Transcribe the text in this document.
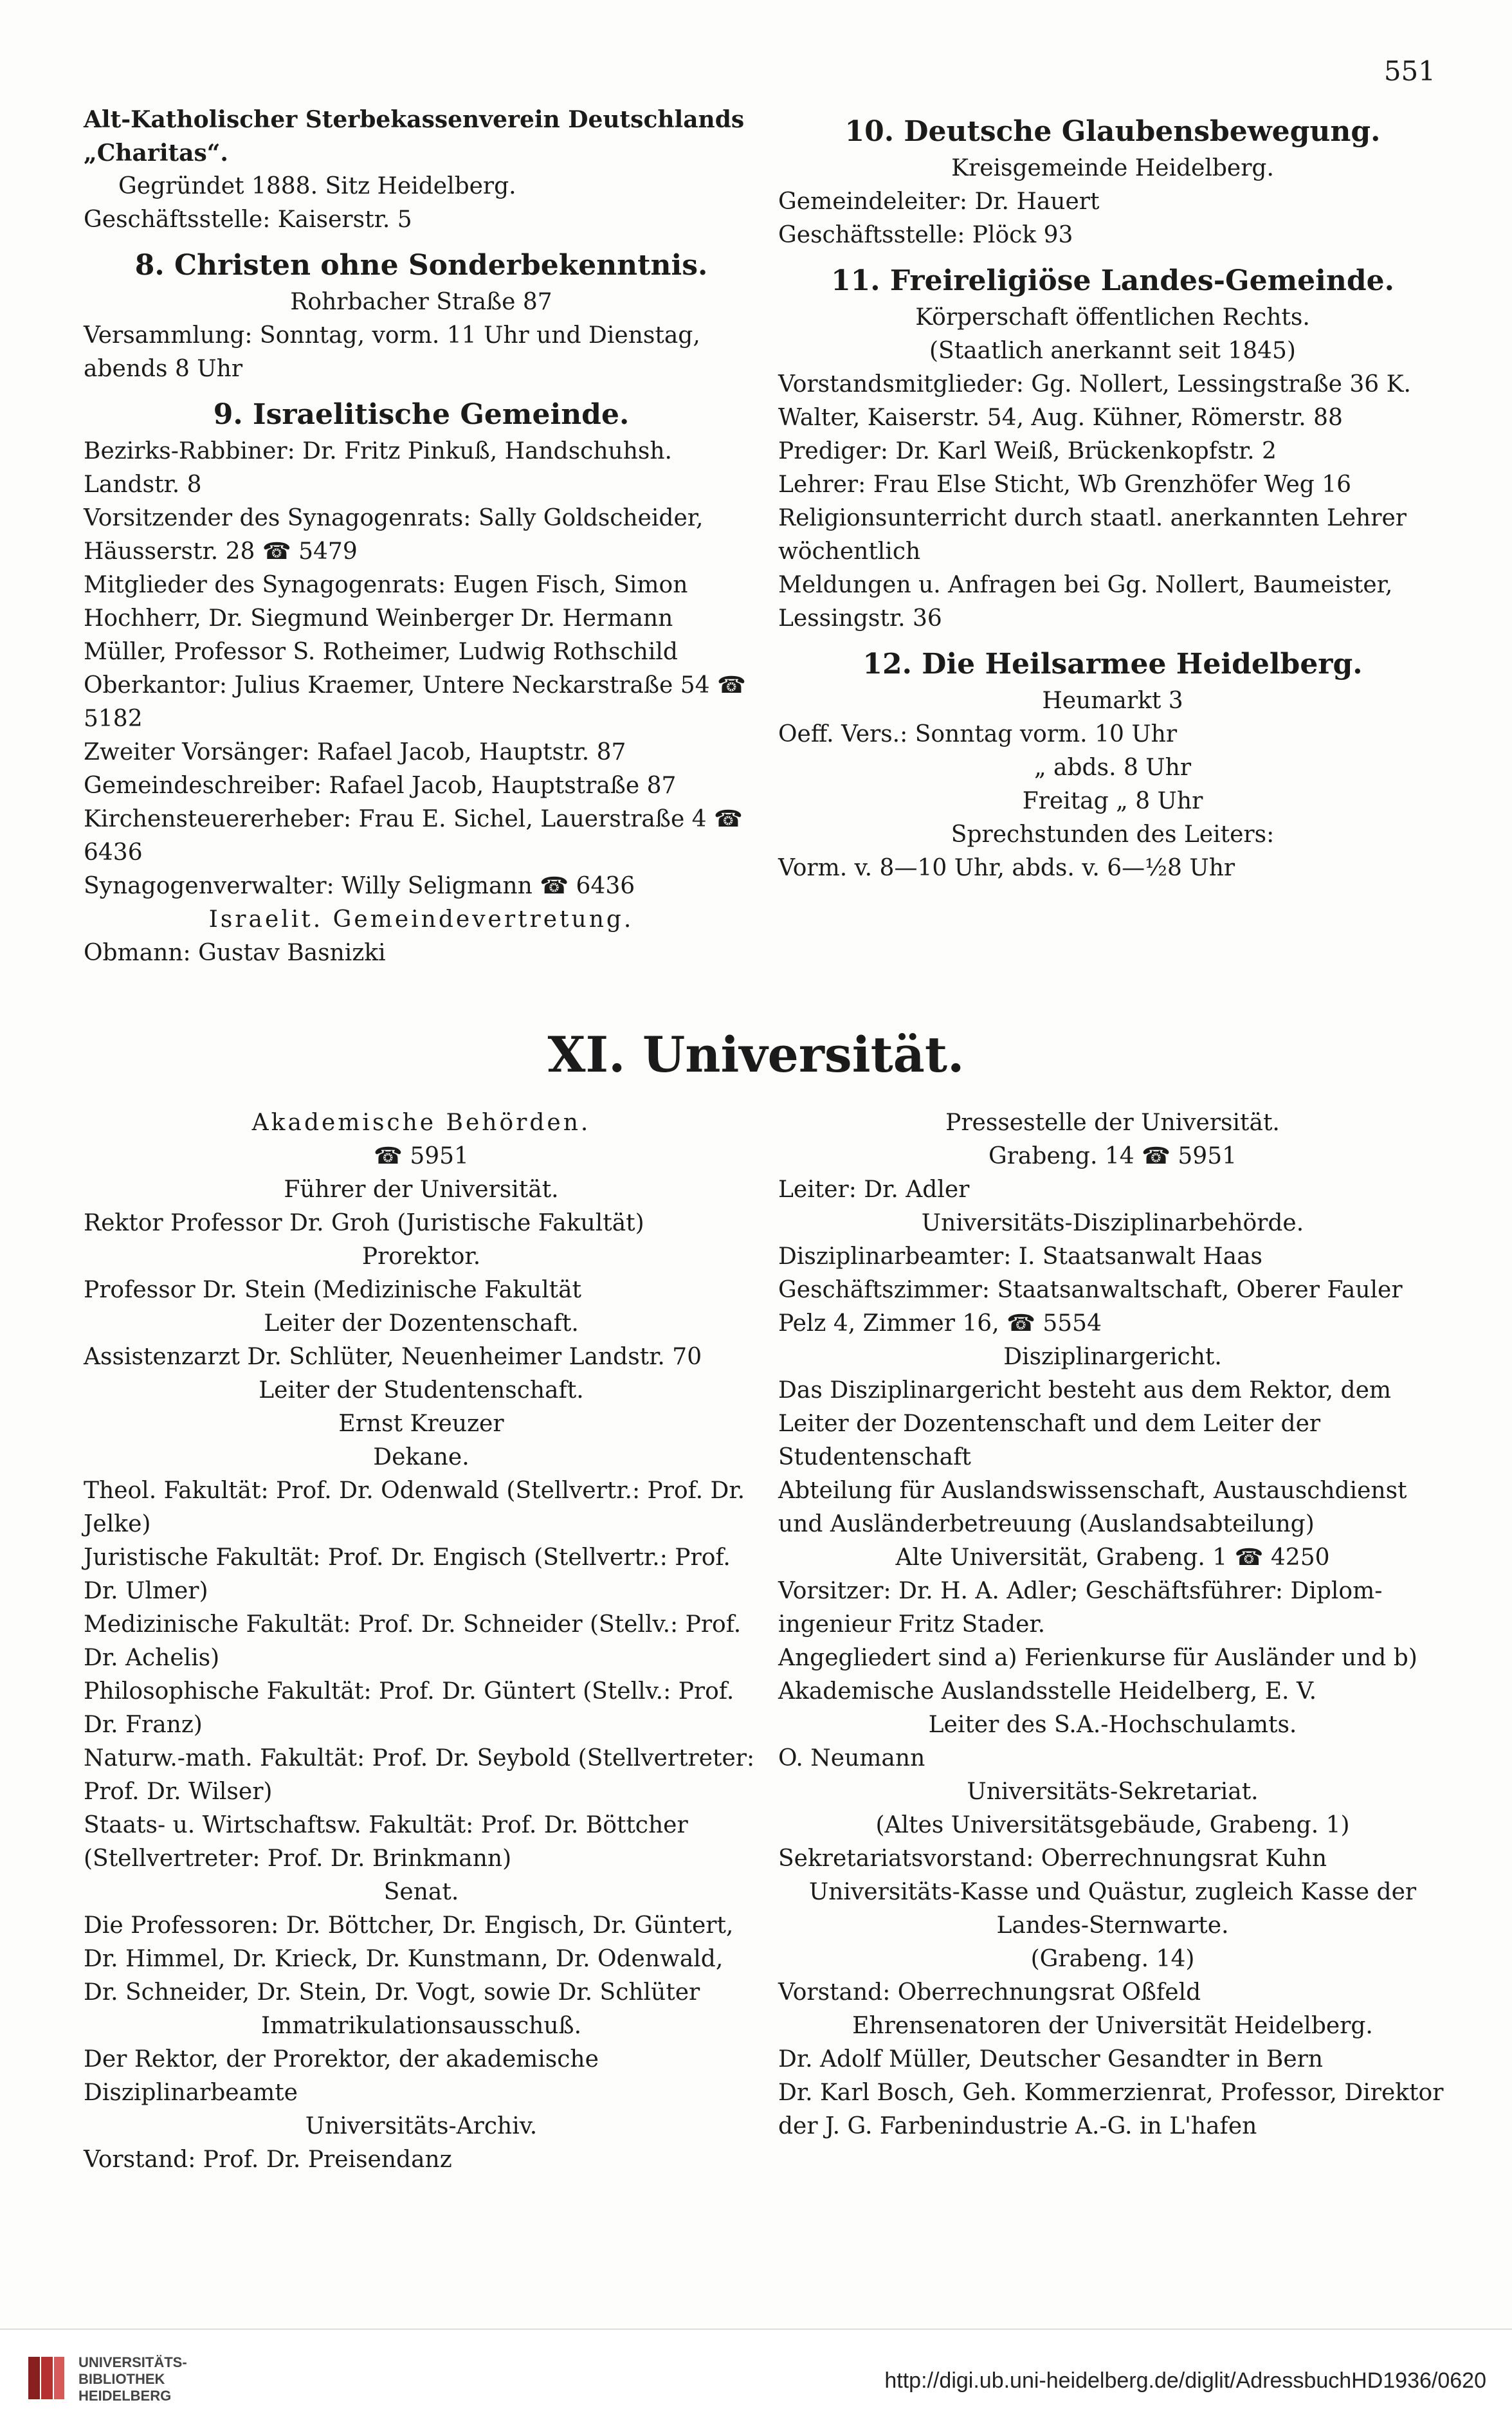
551

Alt-Katholischer Sterbekassenverein Deutschlands „Charitas“.

Gegründet 1888. Sitz Heidelberg.

Geschäftsstelle: Kaiserstr. 5

8. Christen ohne Sonderbekenntnis.

Rohrbacher Straße 87

Versammlung: Sonntag, vorm. 11 Uhr und Dienstag, abends 8 Uhr

9. Israelitische Gemeinde.

Bezirks-Rabbiner: Dr. Fritz Pinkuß, Handschuhsh. Landstr. 8

Vorsitzender des Synagogenrats: Sally Goldscheider, Häusserstr. 28 ☎ 5479

Mitglieder des Synagogenrats: Eugen Fisch, Simon Hochherr, Dr. Siegmund Weinberger Dr. Hermann Müller, Professor S. Rotheimer, Ludwig Rothschild

Oberkantor: Julius Kraemer, Untere Neckarstraße 54 ☎ 5182

Zweiter Vorsänger: Rafael Jacob, Hauptstr. 87

Gemeindeschreiber: Rafael Jacob, Hauptstraße 87

Kirchensteuererheber: Frau E. Sichel, Lauerstraße 4 ☎ 6436

Synagogenverwalter: Willy Seligmann ☎ 6436

Israelit. Gemeindevertretung.

Obmann: Gustav Basnizki

10. Deutsche Glaubensbewegung.

Kreisgemeinde Heidelberg.

Gemeindeleiter: Dr. Hauert

Geschäftsstelle: Plöck 93

11. Freireligiöse Landes-Gemeinde.

Körperschaft öffentlichen Rechts.

(Staatlich anerkannt seit 1845)

Vorstandsmitglieder: Gg. Nollert, Lessingstraße 36 K. Walter, Kaiserstr. 54, Aug. Kühner, Römerstr. 88

Prediger: Dr. Karl Weiß, Brückenkopfstr. 2

Lehrer: Frau Else Sticht, Wb Grenzhöfer Weg 16

Religionsunterricht durch staatl. anerkannten Lehrer wöchentlich

Meldungen u. Anfragen bei Gg. Nollert, Baumeister, Lessingstr. 36

12. Die Heilsarmee Heidelberg.

Heumarkt 3

Oeff. Vers.: Sonntag vorm. 10 Uhr

„ abds. 8 Uhr

Freitag „ 8 Uhr

Sprechstunden des Leiters:

Vorm. v. 8—10 Uhr, abds. v. 6—½8 Uhr

XI. Universität.

Akademische Behörden.

☎ 5951

Führer der Universität.

Rektor Professor Dr. Groh (Juristische Fakultät)

Prorektor.

Professor Dr. Stein (Medizinische Fakultät

Leiter der Dozentenschaft.

Assistenzarzt Dr. Schlüter, Neuenheimer Landstr. 70

Leiter der Studentenschaft.

Ernst Kreuzer

Dekane.

Theol. Fakultät: Prof. Dr. Odenwald (Stellvertr.: Prof. Dr. Jelke)

Juristische Fakultät: Prof. Dr. Engisch (Stellvertr.: Prof. Dr. Ulmer)

Medizinische Fakultät: Prof. Dr. Schneider (Stellv.: Prof. Dr. Achelis)

Philosophische Fakultät: Prof. Dr. Güntert (Stellv.: Prof. Dr. Franz)

Naturw.-math. Fakultät: Prof. Dr. Seybold (Stellvertreter: Prof. Dr. Wilser)

Staats- u. Wirtschaftsw. Fakultät: Prof. Dr. Böttcher (Stellvertreter: Prof. Dr. Brinkmann)

Senat.

Die Professoren: Dr. Böttcher, Dr. Engisch, Dr. Güntert, Dr. Himmel, Dr. Krieck, Dr. Kunstmann, Dr. Odenwald, Dr. Schneider, Dr. Stein, Dr. Vogt, sowie Dr. Schlüter

Immatrikulationsausschuß.

Der Rektor, der Prorektor, der akademische Disziplinarbeamte

Universitäts-Archiv.

Vorstand: Prof. Dr. Preisendanz

Pressestelle der Universität.

Grabeng. 14 ☎ 5951

Leiter: Dr. Adler

Universitäts-Disziplinarbehörde.

Disziplinarbeamter: I. Staatsanwalt Haas

Geschäftszimmer: Staatsanwaltschaft, Oberer Fauler Pelz 4, Zimmer 16, ☎ 5554

Disziplinargericht.

Das Disziplinargericht besteht aus dem Rektor, dem Leiter der Dozentenschaft und dem Leiter der Studentenschaft

Abteilung für Auslandswissenschaft, Austauschdienst und Ausländerbetreuung (Auslandsabteilung)

Alte Universität, Grabeng. 1 ☎ 4250

Vorsitzer: Dr. H. A. Adler; Geschäftsführer: Diplom-ingenieur Fritz Stader.

Angegliedert sind a) Ferienkurse für Ausländer und b) Akademische Auslandsstelle Heidelberg, E. V.

Leiter des S.A.-Hochschulamts.

O. Neumann

Universitäts-Sekretariat.

(Altes Universitätsgebäude, Grabeng. 1)

Sekretariatsvorstand: Oberrechnungsrat Kuhn

Universitäts-Kasse und Quästur, zugleich Kasse der Landes-Sternwarte.

(Grabeng. 14)

Vorstand: Oberrechnungsrat Oßfeld

Ehrensenatoren der Universität Heidelberg.

Dr. Adolf Müller, Deutscher Gesandter in Bern

Dr. Karl Bosch, Geh. Kommerzienrat, Professor, Direktor der J. G. Farbenindustrie A.-G. in L'hafen

UNIVERSITÄTS-
BIBLIOTHEK
HEIDELBERG
http://digi.ub.uni-heidelberg.de/diglit/AdressbuchHD1936/0620
